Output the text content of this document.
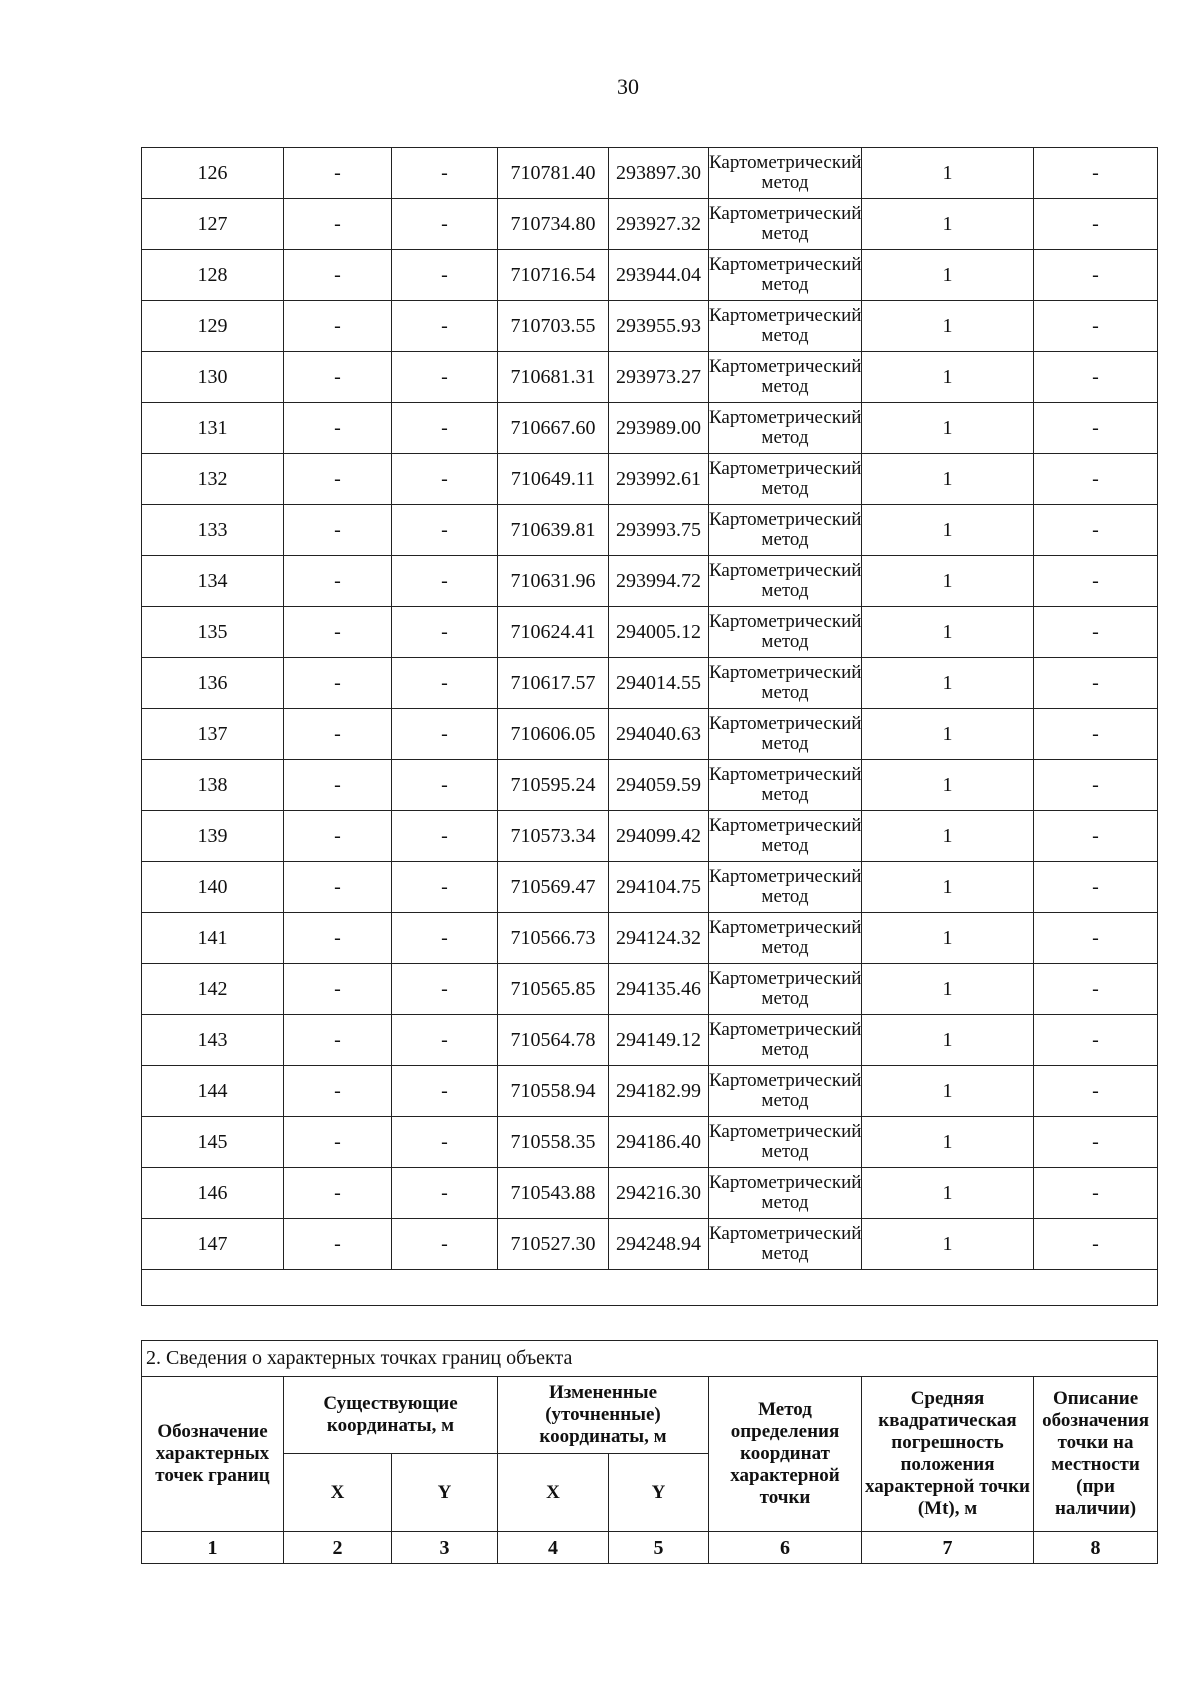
30
126	-	-	710781.40	293897.30	Картометрический метод	1	-
127	-	-	710734.80	293927.32	Картометрический метод	1	-
128	-	-	710716.54	293944.04	Картометрический метод	1	-
129	-	-	710703.55	293955.93	Картометрический метод	1	-
130	-	-	710681.31	293973.27	Картометрический метод	1	-
131	-	-	710667.60	293989.00	Картометрический метод	1	-
132	-	-	710649.11	293992.61	Картометрический метод	1	-
133	-	-	710639.81	293993.75	Картометрический метод	1	-
134	-	-	710631.96	293994.72	Картометрический метод	1	-
135	-	-	710624.41	294005.12	Картометрический метод	1	-
136	-	-	710617.57	294014.55	Картометрический метод	1	-
137	-	-	710606.05	294040.63	Картометрический метод	1	-
138	-	-	710595.24	294059.59	Картометрический метод	1	-
139	-	-	710573.34	294099.42	Картометрический метод	1	-
140	-	-	710569.47	294104.75	Картометрический метод	1	-
141	-	-	710566.73	294124.32	Картометрический метод	1	-
142	-	-	710565.85	294135.46	Картометрический метод	1	-
143	-	-	710564.78	294149.12	Картометрический метод	1	-
144	-	-	710558.94	294182.99	Картометрический метод	1	-
145	-	-	710558.35	294186.40	Картометрический метод	1	-
146	-	-	710543.88	294216.30	Картометрический метод	1	-
147	-	-	710527.30	294248.94	Картометрический метод	1	-

2. Сведения о характерных точках границ объекта							
Обозначение характерных точек границ	Существующие координаты, м		Измененные (уточненные) координаты, м		Метод определения координат характерной точки	Средняя квадратическая погрешность положения характерной точки (Mt), м	Описание обозначения точки на местности (при наличии)
	X	Y	X	Y			
1	2	3	4	5	6	7	8
